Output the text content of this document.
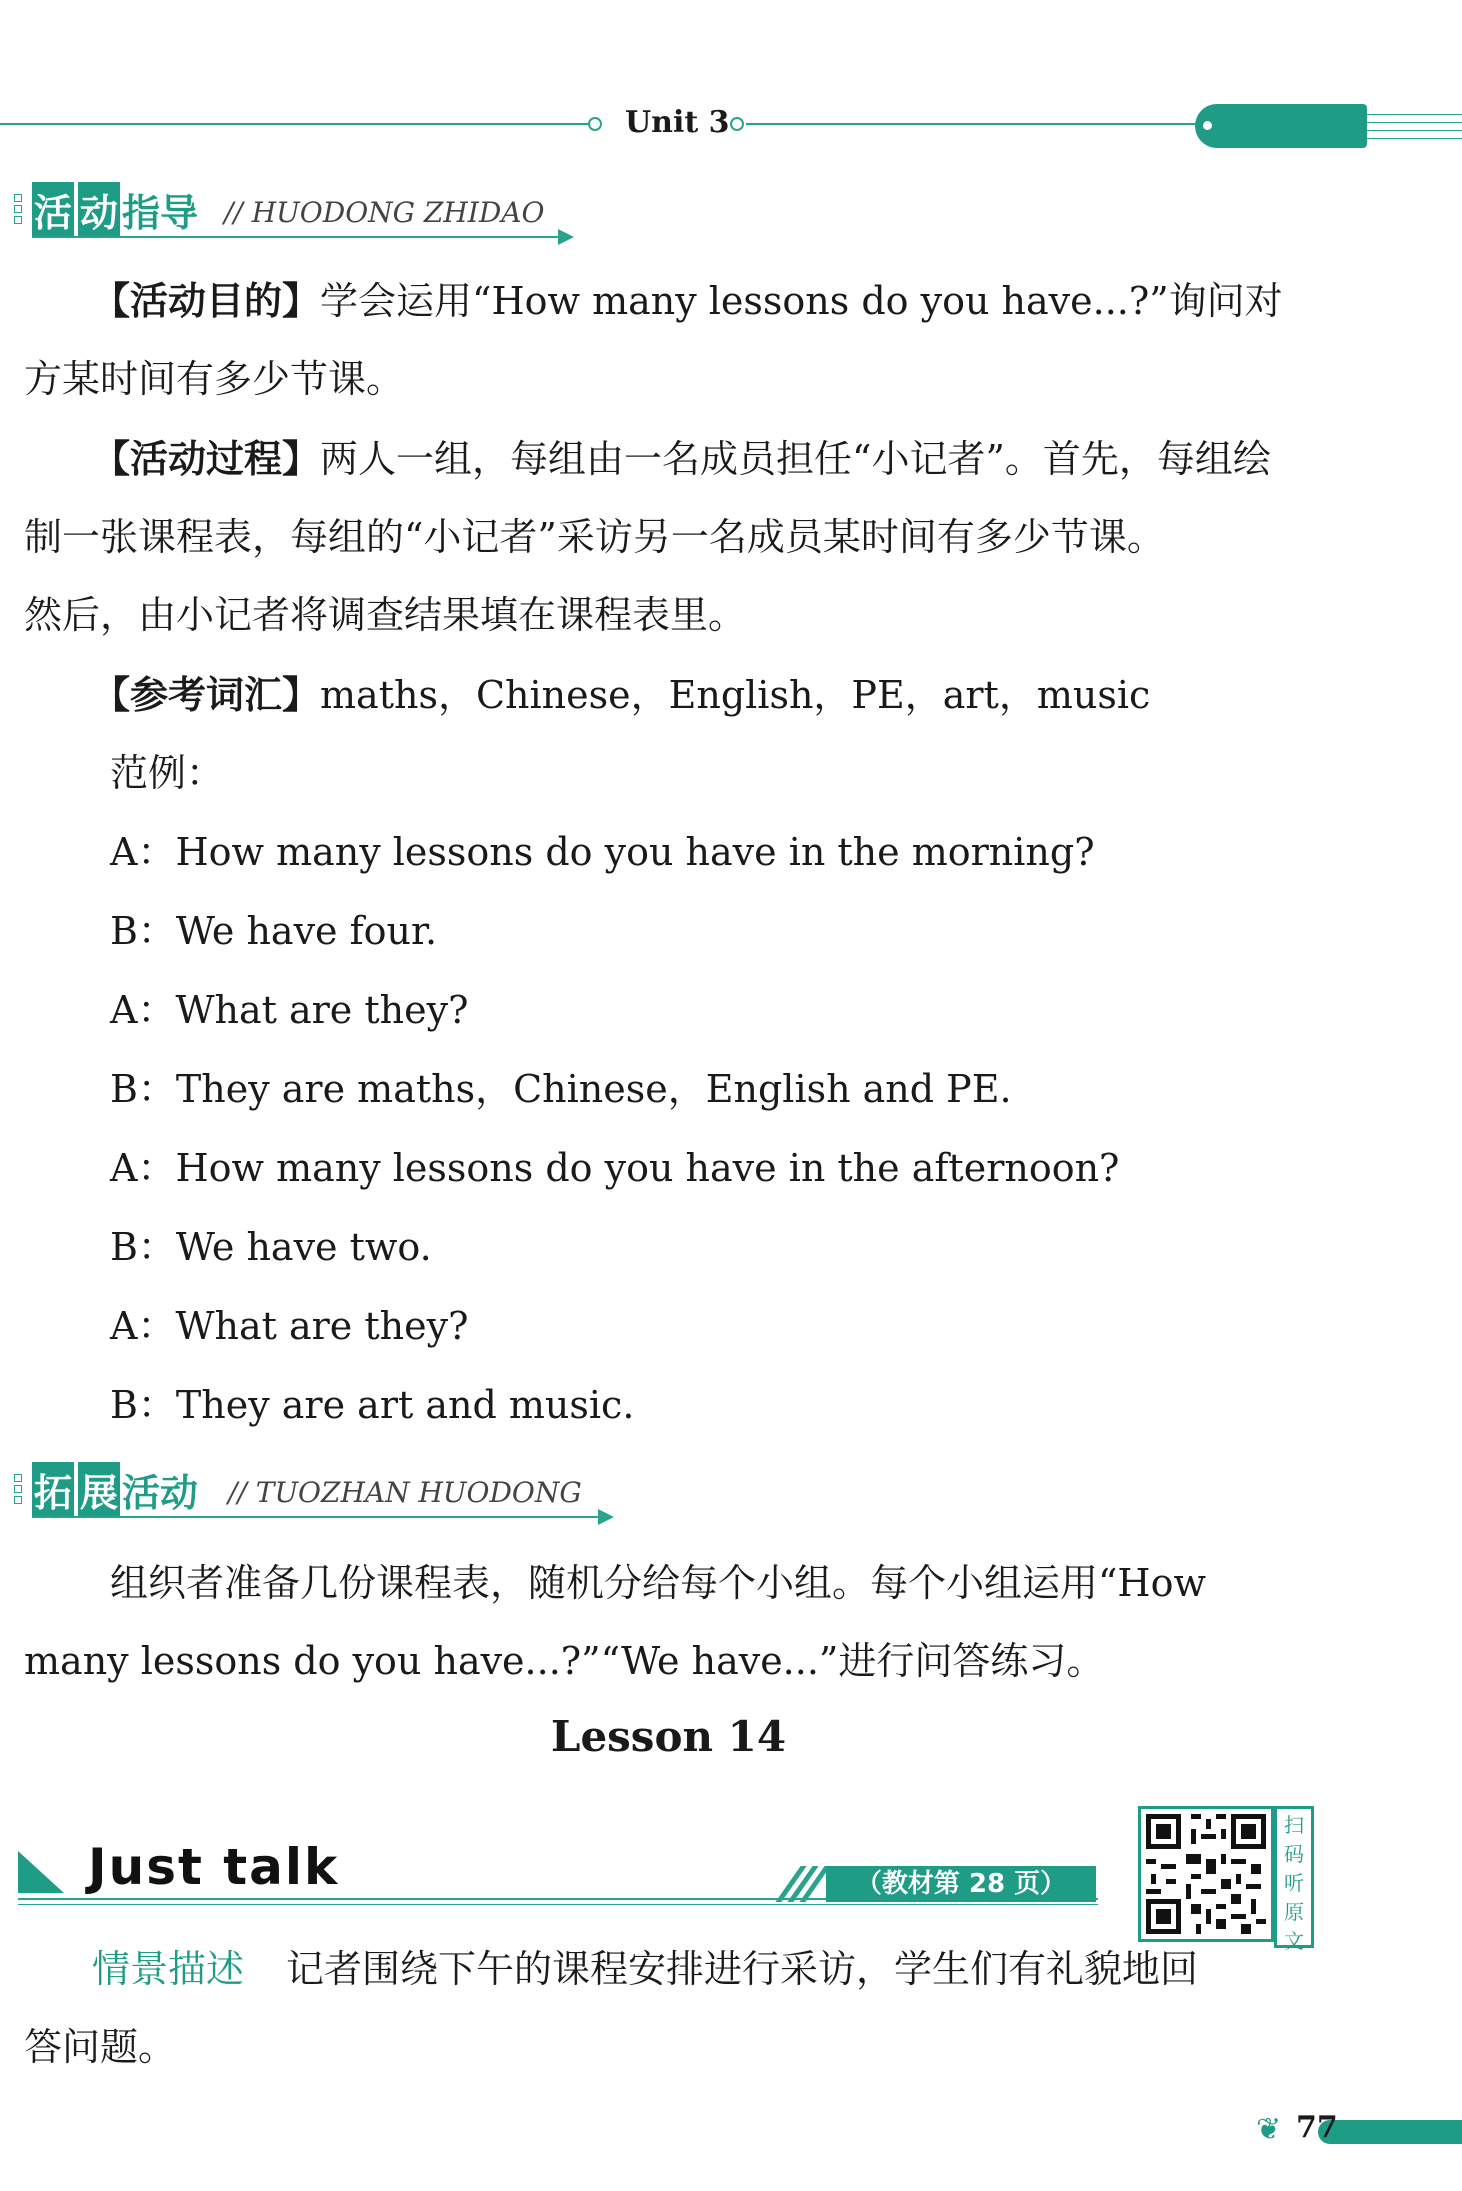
Unit 3
活 动 指导 // HUODONG ZHIDAO
【活动目的】学会运用“How many lessons do you have...?”询问对
方某时间有多少节课。
【活动过程】两人一组，每组由一名成员担任“小记者”。首先，每组绘
制一张课程表，每组的“小记者”采访另一名成员某时间有多少节课。
然后，由小记者将调查结果填在课程表里。
【参考词汇】maths，Chinese，English，PE，art，music
范例：
A：How many lessons do you have in the morning?
B：We have four.
A：What are they?
B：They are maths，Chinese，English and PE.
A：How many lessons do you have in the afternoon?
B：We have two.
A：What are they?
B：They are art and music.
拓 展 活动 // TUOZHAN HUODONG
组织者准备几份课程表，随机分给每个小组。每个小组运用“How
many lessons do you have...?”“We have...”进行问答练习。
Lesson 14
Just talk	（教材第 28 页）
扫
码
听
原
文
情景描述 记者围绕下午的课程安排进行采访，学生们有礼貌地回
答问题。
❦ 77
